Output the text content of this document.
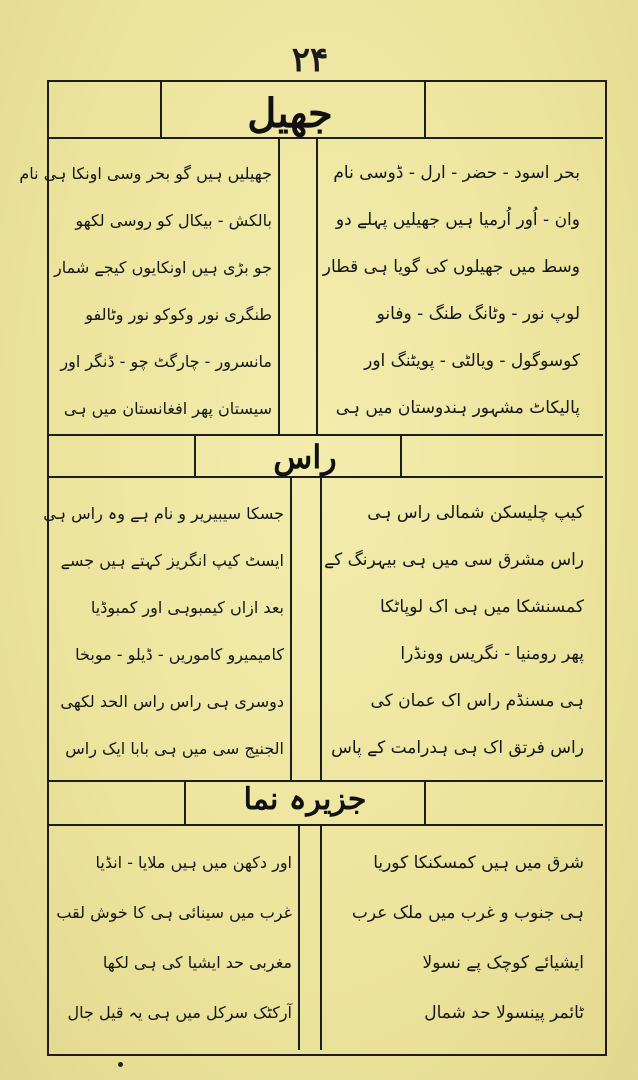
۲۴
جھیل
بحر اسود - حضر - ارل - ڈوسی نام
وان - اُور اُرمیا ہیں جھیلیں پہلے دو
وسط میں جھیلوں کی گویا ہی قطار
لوپ نور - وٹانگ طنگ - وفانو
کوسوگول - ویالٹی - پویٹنگ اور
پالیکاٹ مشہور ہندوستان میں ہی
جھیلیں ہیں گو بحر وسی اونکا ہی نام
بالکش - بیکال کو روسی لکھو
جو بڑی ہیں اونکایوں کیجے شمار
طنگری نور وکوکو نور وٹالفو
مانسرور - چارگٹ چو - ڈنگر اور
سیستان پھر افغانستان میں ہی
راس
کیپ چلیسکن شمالی راس ہی
راس مشرق سی میں ہی بیہرنگ کے
کمسنشکا میں ہی اک لوپاٹکا
پھر رومنیا - نگریس وونڈرا
ہی مسنڈم راس اک عمان کی
راس فرتق اک ہی ہدرامت کے پاس
جسکا سیبیریر و نام ہے وہ راس ہی
ایسٹ کیپ انگریز کہتے ہیں جسے
بعد ازاں کیمبوہی اور کمبوڈیا
کامیمیرو کاموریں - ڈیلو - موبخا
دوسری ہی راس راس الحد لکھی
الجنیج سی میں ہی بابا ایک راس
جزیرہ نما
شرق میں ہیں کمسکنکا کوریا
ہی جنوب و غرب میں ملک عرب
ایشیائے کوچک پے نسولا
ٹائمر پینسولا حد شمال
اور دکھن میں ہیں ملایا - انڈیا
غرب میں سینائی ہی کا خوش لقب
مغربی حد ایشیا کی ہی لکھا
آرکٹک سرکل میں ہی یہ قیل جال
